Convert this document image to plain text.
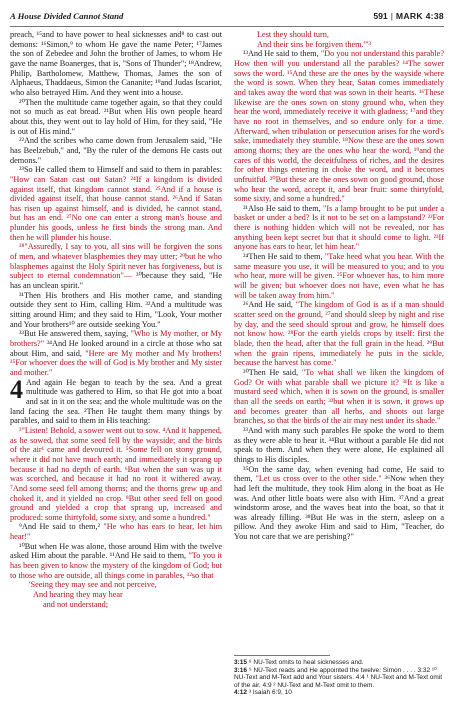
A House Divided Cannot Stand	591 | MARK 4:38

preach, ¹⁵and to have power to heal sicknesses and⁸ to cast out demons: ¹⁶Simon,⁹ to whom He gave the name Peter; ¹⁷James the son of Zebedee and John the brother of James, to whom He gave the name Boanerges, that is, "Sons of Thunder"; ¹⁸Andrew, Philip, Bartholomew, Matthew, Thomas, James the son of Alphaeus, Thaddaeus, Simon the Cananite; ¹⁹and Judas Iscariot, who also betrayed Him. And they went into a house.

²⁰Then the multitude came together again, so that they could not so much as eat bread. ²¹But when His own people heard about this, they went out to lay hold of Him, for they said, "He is out of His mind."

²²And the scribes who came down from Jerusalem said, "He has Beelzebub," and, "By the ruler of the demons He casts out demons."

²³So He called them to Himself and said to them in parables: "How can Satan cast out Satan? ²⁴If a kingdom is divided against itself, that kingdom cannot stand. ²⁵And if a house is divided against itself, that house cannot stand. ²⁶And if Satan has risen up against himself, and is divided, he cannot stand, but has an end. ²⁷No one can enter a strong man's house and plunder his goods, unless he first binds the strong man. And then he will plunder his house.

²⁸"Assuredly, I say to you, all sins will be forgiven the sons of men, and whatever blasphemies they may utter; ²⁹but he who blasphemes against the Holy Spirit never has forgiveness, but is subject to eternal condemnation"— ³⁰because they said, "He has an unclean spirit."

³¹Then His brothers and His mother came, and standing outside they sent to Him, calling Him. ³²And a multitude was sitting around Him; and they said to Him, "Look, Your mother and Your brothers¹⁰ are outside seeking You."

³³But He answered them, saying, "Who is My mother, or My brothers?" ³⁴And He looked around in a circle at those who sat about Him, and said, "Here are My mother and My brothers! ³⁵For whoever does the will of God is My brother and My sister and mother."

4 And again He began to teach by the sea. And a great multitude was gathered to Him, so that He got into a boat and sat in it on the sea; and the whole multitude was on the land facing the sea. ²Then He taught them many things by parables, and said to them in His teaching:

³"Listen! Behold, a sower went out to sow. ⁴And it happened, as he sowed, that some seed fell by the wayside; and the birds of the air¹ came and devoured it. ⁵Some fell on stony ground, where it did not have much earth; and immediately it sprang up because it had no depth of earth. ⁶But when the sun was up it was scorched, and because it had no root it withered away. ⁷And some seed fell among thorns; and the thorns grew up and choked it, and it yielded no crop. ⁸But other seed fell on good ground and yielded a crop that sprang up, increased and produced: some thirtyfold, some sixty, and some a hundred."

⁹And He said to them,² "He who has ears to hear, let him hear!"

¹⁰But when He was alone, those around Him with the twelve asked Him about the parable. ¹¹And He said to them, "To you it has been given to know the mystery of the kingdom of God; but to those who are outside, all things come in parables, ¹²so that

'Seeing they may see and not perceive,

And hearing they may hear

and not understand;

Lest they should turn,

And their sins be forgiven them.'"³

¹³And He said to them, "Do you not understand this parable? How then will you understand all the parables? ¹⁴The sower sows the word. ¹⁵And these are the ones by the wayside where the word is sown. When they hear, Satan comes immediately and takes away the word that was sown in their hearts. ¹⁶These likewise are the ones sown on stony ground who, when they hear the word, immediately receive it with gladness; ¹⁷and they have no root in themselves, and so endure only for a time. Afterward, when tribulation or persecution arises for the word's sake, immediately they stumble. ¹⁸Now these are the ones sown among thorns; they are the ones who hear the word, ¹⁹and the cares of this world, the deceitfulness of riches, and the desires for other things entering in choke the word, and it becomes unfruitful. ²⁰But these are the ones sown on good ground, those who hear the word, accept it, and bear fruit: some thirtyfold, some sixty, and some a hundred."

²¹Also He said to them, "Is a lamp brought to be put under a basket or under a bed? Is it not to be set on a lampstand? ²²For there is nothing hidden which will not be revealed, nor has anything been kept secret but that it should come to light. ²³If anyone has ears to hear, let him hear."

²⁴Then He said to them, "Take heed what you hear. With the same measure you use, it will be measured to you; and to you who hear, more will be given. ²⁵For whoever has, to him more will be given; but whoever does not have, even what he has will be taken away from him."

²⁶And He said, "The kingdom of God is as if a man should scatter seed on the ground, ²⁷and should sleep by night and rise by day, and the seed should sprout and grow, he himself does not know how. ²⁸For the earth yields crops by itself: first the blade, then the head, after that the full grain in the head. ²⁹But when the grain ripens, immediately he puts in the sickle, because the harvest has come."

³⁰Then He said, "To what shall we liken the kingdom of God? Or with what parable shall we picture it? ³¹It is like a mustard seed which, when it is sown on the ground, is smaller than all the seeds on earth; ³²but when it is sown, it grows up and becomes greater than all herbs, and shoots out large branches, so that the birds of the air may nest under its shade."

³³And with many such parables He spoke the word to them as they were able to hear it. ³⁴But without a parable He did not speak to them. And when they were alone, He explained all things to His disciples.

³⁵On the same day, when evening had come, He said to them, "Let us cross over to the other side." ³⁶Now when they had left the multitude, they took Him along in the boat as He was. And other little boats were also with Him. ³⁷And a great windstorm arose, and the waves beat into the boat, so that it was already filling. ³⁸But He was in the stern, asleep on a pillow. And they awoke Him and said to Him, "Teacher, do You not care that we are perishing?"

3:15 ⁸ NU-Text omits to heal sicknesses and.
3:16 ⁹ NU-Text reads and He appointed the twelve: Simon . . . . 3:32 ¹⁰ NU-Text and M-Text add and Your sisters. 4:4 ¹ NU-Text and M-Text omit of the air. 4:9 ² NU-Text and M-Text omit to them.
4:12 ³ Isaiah 6:9, 10
